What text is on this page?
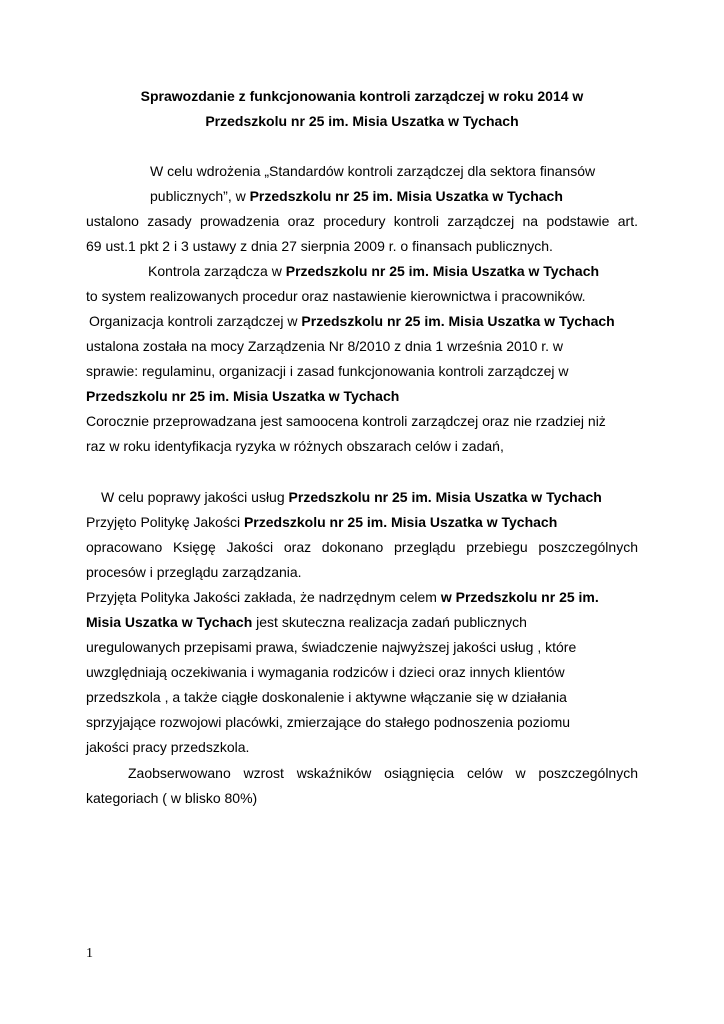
Sprawozdanie z funkcjonowania kontroli zarządczej w roku 2014 w
Przedszkolu nr 25 im. Misia Uszatka w Tychach
W celu wdrożenia „Standardów kontroli zarządczej dla sektora finansów
publicznych”, w Przedszkolu nr 25 im. Misia Uszatka w Tychach
ustalono zasady prowadzenia oraz procedury kontroli zarządczej na podstawie art.
69 ust.1 pkt 2 i 3 ustawy z dnia 27 sierpnia 2009 r. o finansach publicznych.
Kontrola zarządcza w Przedszkolu nr 25 im. Misia Uszatka w Tychach
to system realizowanych procedur oraz nastawienie kierownictwa i pracowników.
Organizacja kontroli zarządczej w Przedszkolu nr 25 im. Misia Uszatka w Tychach
ustalona została na mocy Zarządzenia Nr 8/2010 z dnia 1 września 2010 r. w
sprawie: regulaminu, organizacji i zasad funkcjonowania kontroli zarządczej w
Przedszkolu nr 25 im. Misia Uszatka w Tychach
Corocznie przeprowadzana jest samoocena kontroli zarządczej oraz nie rzadziej niż
raz w roku identyfikacja ryzyka w różnych obszarach celów i zadań,
W celu poprawy jakości usług Przedszkolu nr 25 im. Misia Uszatka w Tychach
Przyjęto Politykę Jakości Przedszkolu nr 25 im. Misia Uszatka w Tychach
opracowano Księgę Jakości oraz dokonano przeglądu przebiegu poszczególnych
procesów i przeglądu zarządzania.
Przyjęta Polityka Jakości zakłada, że nadrzędnym celem w Przedszkolu nr 25 im.
Misia Uszatka w Tychach jest skuteczna realizacja zadań publicznych
uregulowanych przepisami prawa, świadczenie najwyższej jakości usług , które
uwzględniają oczekiwania i wymagania rodziców i dzieci oraz innych klientów
przedszkola , a także ciągłe doskonalenie i aktywne włączanie się w działania
sprzyjające rozwojowi placówki, zmierzające do stałego podnoszenia poziomu
jakości pracy przedszkola.
Zaobserwowano wzrost wskaźników osiągnięcia celów w poszczególnych
kategoriach ( w blisko 80%)
1
